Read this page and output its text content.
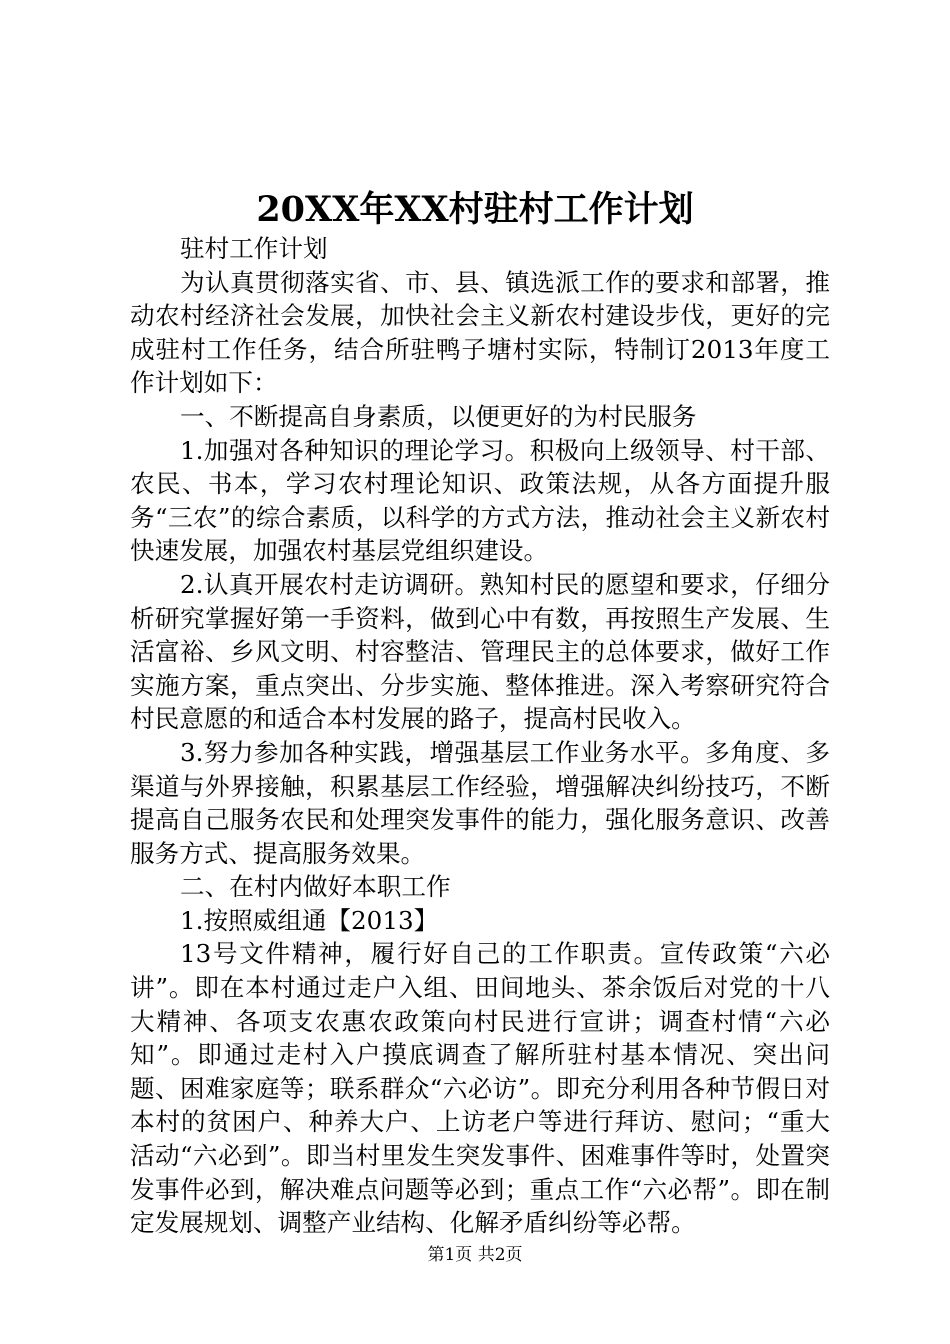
20XX年XX村驻村工作计划

驻村工作计划

为认真贯彻落实省、市、县、镇选派工作的要求和部署，推动农村经济社会发展，加快社会主义新农村建设步伐，更好的完成驻村工作任务，结合所驻鸭子塘村实际，特制订2013年度工作计划如下：

一、不断提高自身素质，以便更好的为村民服务

1.加强对各种知识的理论学习。积极向上级领导、村干部、农民、书本，学习农村理论知识、政策法规，从各方面提升服务“三农”的综合素质，以科学的方式方法，推动社会主义新农村快速发展，加强农村基层党组织建设。

2.认真开展农村走访调研。熟知村民的愿望和要求，仔细分析研究掌握好第一手资料，做到心中有数，再按照生产发展、生活富裕、乡风文明、村容整洁、管理民主的总体要求，做好工作实施方案，重点突出、分步实施、整体推进。深入考察研究符合村民意愿的和适合本村发展的路子，提高村民收入。

3.努力参加各种实践，增强基层工作业务水平。多角度、多渠道与外界接触，积累基层工作经验，增强解决纠纷技巧，不断提高自己服务农民和处理突发事件的能力，强化服务意识、改善服务方式、提高服务效果。

二、在村内做好本职工作

1.按照威组通【2013】

13号文件精神，履行好自己的工作职责。宣传政策“六必讲”。即在本村通过走户入组、田间地头、茶余饭后对党的十八大精神、各项支农惠农政策向村民进行宣讲；调查村情“六必知”。即通过走村入户摸底调查了解所驻村基本情况、突出问题、困难家庭等；联系群众“六必访”。即充分利用各种节假日对本村的贫困户、种养大户、上访老户等进行拜访、慰问；“重大活动“六必到”。即当村里发生突发事件、困难事件等时，处置突发事件必到，解决难点问题等必到；重点工作“六必帮”。即在制定发展规划、调整产业结构、化解矛盾纠纷等必帮。

第1页 共2页
